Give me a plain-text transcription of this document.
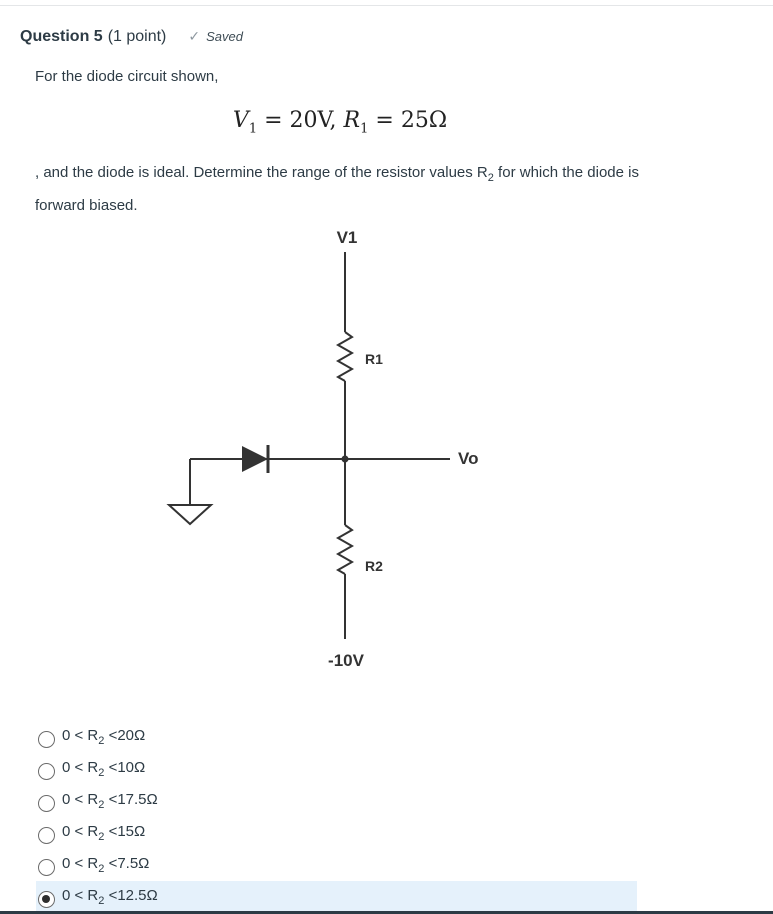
Question 5 (1 point) ✓ Saved
For the diode circuit shown,
$V_1 = 20V$, $R_1 = 25\Omega$
, and the diode is ideal. Determine the range of the resistor values $R_2$ for which the diode is forward biased.
V1
R1
Vo
R2
-10V
$0 < R_2 <20\Omega$
$0 < R_2 <10\Omega$
$0 < R_2 <17.5\Omega$
$0 < R_2 <15\Omega$
$0 < R_2 <7.5\Omega$
$0 < R_2 <12.5\Omega$
